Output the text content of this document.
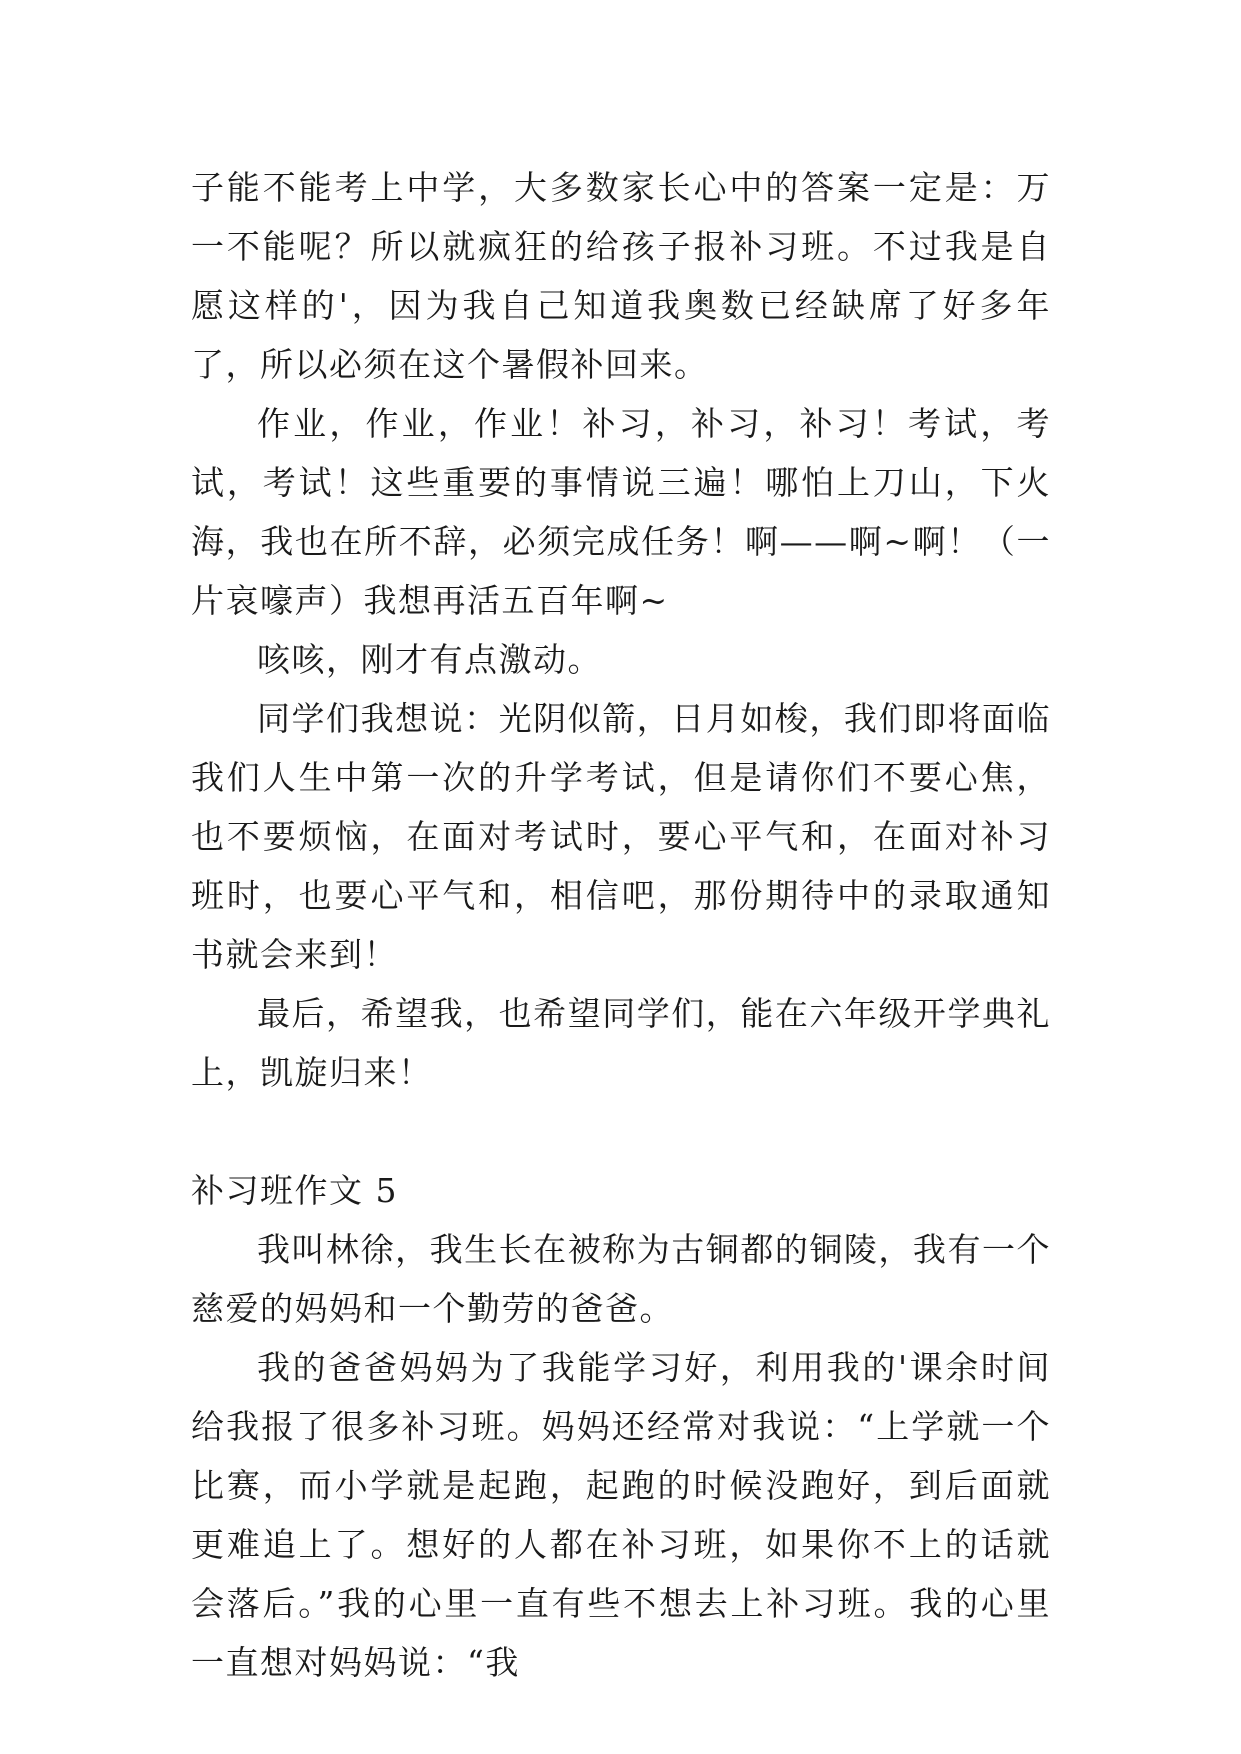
子能不能考上中学，大多数家长心中的答案一定是：万一不能呢？所以就疯狂的给孩子报补习班。不过我是自愿这样的'，因为我自己知道我奥数已经缺席了好多年了，所以必须在这个暑假补回来。

作业，作业，作业！补习，补习，补习！考试，考试，考试！这些重要的事情说三遍！哪怕上刀山，下火海，我也在所不辞，必须完成任务！啊——啊~啊！（一片哀嚎声）我想再活五百年啊~

咳咳，刚才有点激动。

同学们我想说：光阴似箭，日月如梭，我们即将面临我们人生中第一次的升学考试，但是请你们不要心焦，也不要烦恼，在面对考试时，要心平气和，在面对补习班时，也要心平气和，相信吧，那份期待中的录取通知书就会来到！

最后，希望我，也希望同学们，能在六年级开学典礼上，凯旋归来！

补习班作文 5

我叫林徐，我生长在被称为古铜都的铜陵，我有一个慈爱的妈妈和一个勤劳的爸爸。

我的爸爸妈妈为了我能学习好，利用我的'课余时间给我报了很多补习班。妈妈还经常对我说：“上学就一个比赛，而小学就是起跑，起跑的时候没跑好，到后面就更难追上了。想好的人都在补习班，如果你不上的话就会落后。”我的心里一直有些不想去上补习班。我的心里一直想对妈妈说：“我
